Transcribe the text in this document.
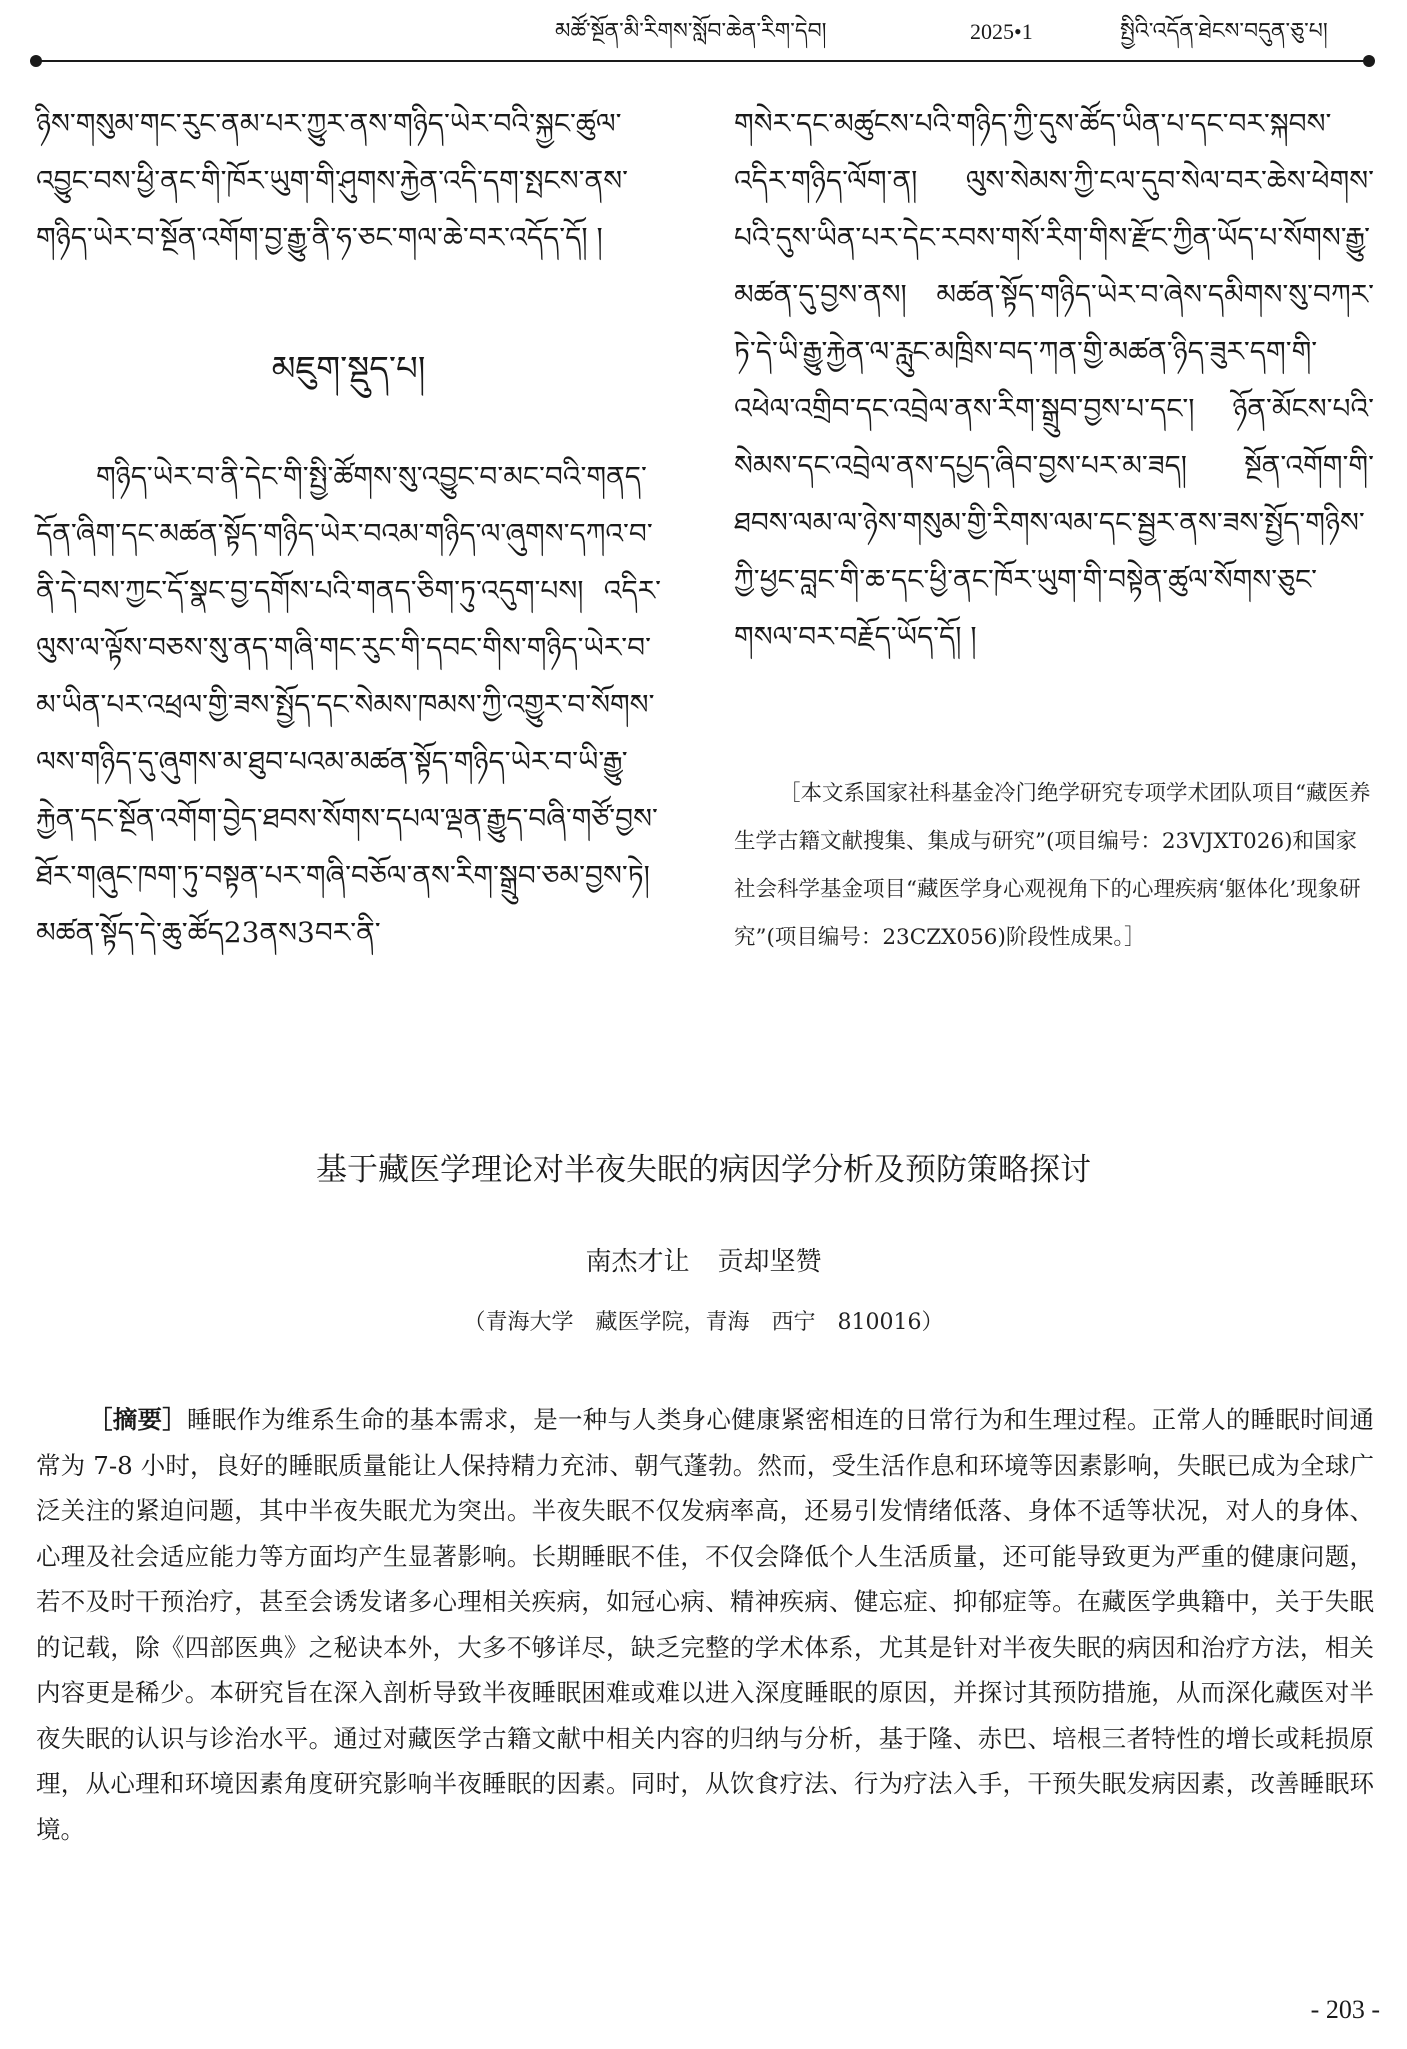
མཚོ་སྔོན་མི་རིགས་སློབ་ཆེན་རིག་དེབ།	2025•1	སྤྱིའི་འདོན་ཐེངས་བདུན་ཅུ་པ།

ཉིས་གསུམ་གང་རུང་ནམ་པར་ཀྱུར་ནས་གཉིད་ཡེར་བའི་སྐྱང་ཚུལ་འབྱུང་བས་ཕྱི་ནང་གི་ཁོར་ཡུག་གི་ཤུགས་རྐྱེན་འདི་དག་སྤངས་ནས་གཉིད་ཡེར་བ་སྔོན་འགོག་བྱ་རྒྱུ་ནི་ཧ་ཅང་གལ་ཆེ་བར་འདོད་དོ། །

མཇུག་སྡུད་པ།

གཉིད་ཡེར་བ་ནི་དེང་གི་སྤྱི་ཚོགས་སུ་འབྱུང་བ་མང་བའི་གནད་དོན་ཞིག་དང་མཚན་སྟོད་གཉིད་ཡེར་བའམ་གཉིད་ལ་ཞུགས་དཀའ་བ་ནི་དེ་བས་ཀྱང་དོ་སྣང་བྱ་དགོས་པའི་གནད་ཅིག་ཏུ་འདུག་པས། འདིར་ལུས་ལ་ལྟོས་བཅས་སུ་ནད་གཞི་གང་རུང་གི་དབང་གིས་གཉིད་ཡེར་བ་མ་ཡིན་པར་འཕྲལ་གྱི་ཟས་སྤྱོད་དང་སེམས་ཁམས་ཀྱི་འགྱུར་བ་སོགས་ལས་གཉིད་དུ་ཞུགས་མ་ཐུབ་པའམ་མཚན་སྟོད་གཉིད་ཡེར་བ་ཡི་རྒྱུ་རྐྱེན་དང་སྔོན་འགོག་བྱེད་ཐབས་སོགས་དཔལ་ལྡན་རྒྱུད་བཞི་གཙོ་བྱས་ཐོར་གཞུང་ཁག་ཏུ་བསྟན་པར་གཞི་བཅོལ་ནས་རིག་སྒྲུབ་ཅམ་བྱས་ཏེ། མཚན་སྟོད་དེ་ཆུ་ཚོད23ནས3བར་ནི་

གསེར་དང་མཚུངས་པའི་གཉིད་ཀྱི་དུས་ཚོད་ཡིན་པ་དང་བར་སྐབས་འདིར་གཉིད་ལོག་ན། ལུས་སེམས་ཀྱི་ངལ་དུབ་སེལ་བར་ཆེས་ཕེགས་པའི་དུས་ཡིན་པར་དེང་རབས་གསོ་རིག་གིས་རྫོང་ཀྱིན་ཡོད་པ་སོགས་རྒྱུ་མཚན་དུ་བྱས་ནས། མཚན་སྟོད་གཉིད་ཡེར་བ་ཞེས་དམིགས་སུ་བཀར་ཏེ་དེ་ཡི་རྒྱུ་རྐྱེན་ལ་རླུང་མཁྲིས་བད་ཀན་གྱི་མཚན་ཉིད་ཟུར་དག་གི་འཕེལ་འགྲིབ་དང་འབྲེལ་ནས་རིག་སྒྲུབ་བྱས་པ་དང་། ཉོན་མོངས་པའི་སེམས་དང་འབྲེལ་ནས་དཔྱད་ཞིབ་བྱས་པར་མ་ཟད། སྔོན་འགོག་གི་ཐབས་ལམ་ལ་ཉེས་གསུམ་གྱི་རིགས་ལམ་དང་སྦྱར་ནས་ཟས་སྤྱོད་གཉིས་ཀྱི་ཕྱང་བླང་གི་ཆ་དང་ཕྱི་ནང་ཁོར་ཡུག་གི་བསྟེན་ཚུལ་སོགས་ཅུང་གསལ་བར་བརྗོད་ཡོད་དོ། །

［本文系国家社科基金冷门绝学研究专项学术团队项目“藏医养生学古籍文献搜集、集成与研究”(项目编号：23VJXT026)和国家社会科学基金项目“藏医学身心观视角下的心理疾病‘躯体化’现象研究”(项目编号：23CZX056)阶段性成果。］

基于藏医学理论对半夜失眠的病因学分析及预防策略探讨
南杰才让 贡却坚赞
（青海大学　藏医学院，青海　西宁　810016）
［摘要］睡眠作为维系生命的基本需求，是一种与人类身心健康紧密相连的日常行为和生理过程。正常人的睡眠时间通常为 7-8 小时，良好的睡眠质量能让人保持精力充沛、朝气蓬勃。然而，受生活作息和环境等因素影响，失眠已成为全球广泛关注的紧迫问题，其中半夜失眠尤为突出。半夜失眠不仅发病率高，还易引发情绪低落、身体不适等状况，对人的身体、心理及社会适应能力等方面均产生显著影响。长期睡眠不佳，不仅会降低个人生活质量，还可能导致更为严重的健康问题，若不及时干预治疗，甚至会诱发诸多心理相关疾病，如冠心病、精神疾病、健忘症、抑郁症等。在藏医学典籍中，关于失眠的记载，除《四部医典》之秘诀本外，大多不够详尽，缺乏完整的学术体系，尤其是针对半夜失眠的病因和治疗方法，相关内容更是稀少。本研究旨在深入剖析导致半夜睡眠困难或难以进入深度睡眠的原因，并探讨其预防措施，从而深化藏医对半夜失眠的认识与诊治水平。通过对藏医学古籍文献中相关内容的归纳与分析，基于隆、赤巴、培根三者特性的增长或耗损原理，从心理和环境因素角度研究影响半夜睡眠的因素。同时，从饮食疗法、行为疗法入手，干预失眠发病因素，改善睡眠环境。
- 203 -
